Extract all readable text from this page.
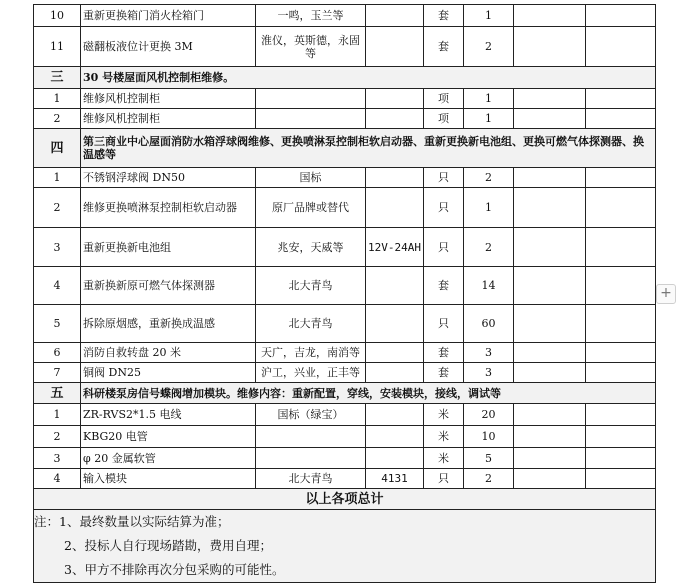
10	重新更换箱门消火栓箱门	一鸣，玉兰等		套	1		
11	磁翻板液位计更换 3M	淮仪，英斯德，永固等		套	2		
三	30 号楼屋面风机控制柜维修。						
1	维修风机控制柜			项	1		
2	维修风机控制柜			项	1		
四	第三商业中心屋面消防水箱浮球阀维修、更换喷淋泵控制柜软启动器、重新更换新电池组、更换可燃气体探测器、换温感等						
1	不锈钢浮球阀 DN50	国标		只	2		
2	维修更换喷淋泵控制柜软启动器	原厂品牌或替代		只	1		
3	重新更换新电池组	兆安，天威等	12V-24AH	只	2		
4	重新换新原可燃气体探测器	北大青鸟		套	14		
5	拆除原烟感，重新换成温感	北大青鸟		只	60		
6	消防自救转盘 20 米	天广，吉龙，南消等		套	3		
7	铜阀 DN25	沪工，兴业，正丰等		套	3		
五	科研楼泵房信号蝶阀增加模块。维修内容：重新配置，穿线，安装模块，接线，调试等						
1	ZR-RVS2*1.5 电线	国标（绿宝）		米	20		
2	KBG20 电管			米	10		
3	φ 20 金属软管			米	5		
4	输入模块	北大青鸟	4131	只	2		
以上各项总计							

注：1、最终数量以实际结算为准；
2、投标人自行现场踏勘，费用自理；
3、甲方不排除再次分包采购的可能性。							
+
